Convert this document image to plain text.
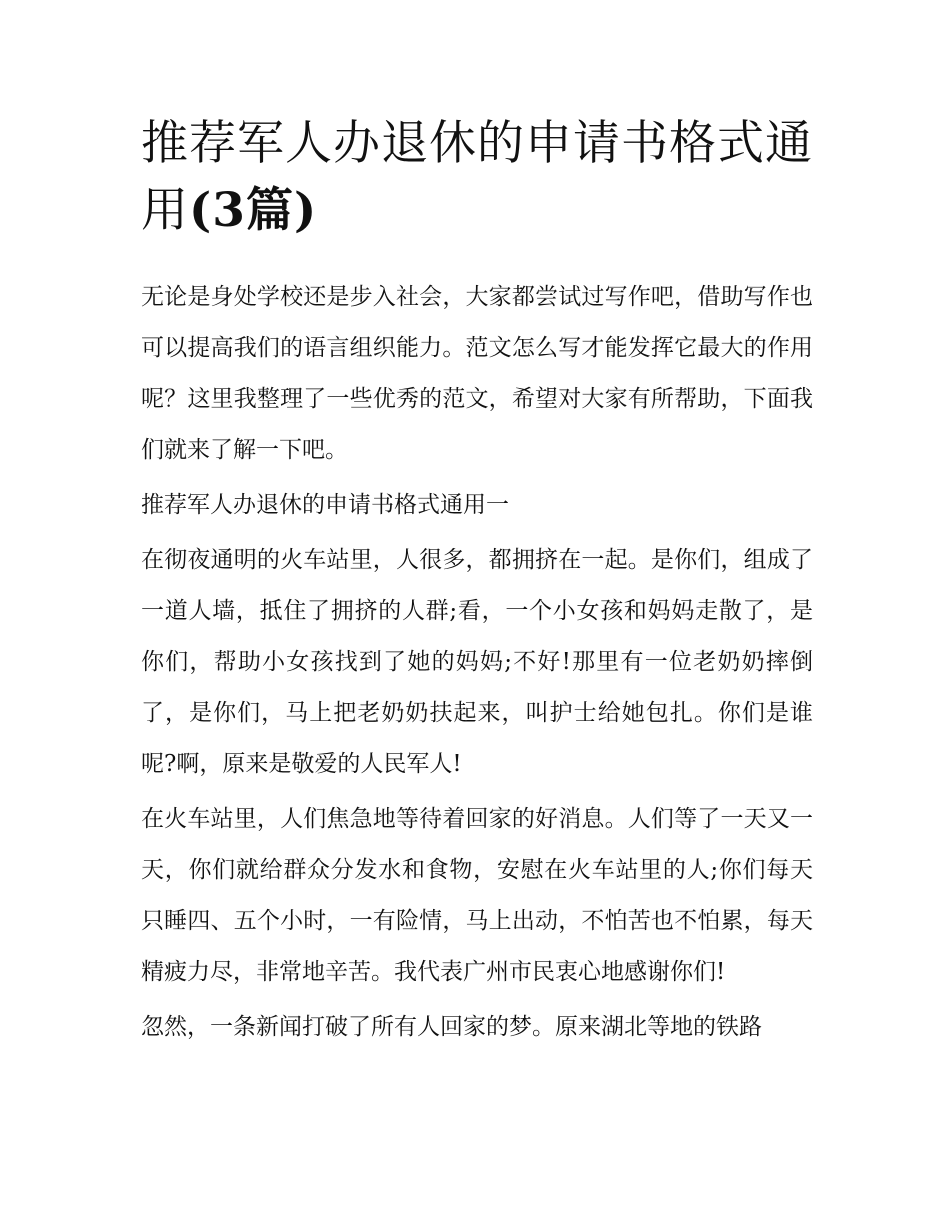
推荐军人办退休的申请书格式通用(3篇)

无论是身处学校还是步入社会，大家都尝试过写作吧，借助写作也可以提高我们的语言组织能力。范文怎么写才能发挥它最大的作用呢？这里我整理了一些优秀的范文，希望对大家有所帮助，下面我们就来了解一下吧。

推荐军人办退休的申请书格式通用一

在彻夜通明的火车站里，人很多，都拥挤在一起。是你们，组成了一道人墙，抵住了拥挤的人群;看，一个小女孩和妈妈走散了，是你们，帮助小女孩找到了她的妈妈;不好!那里有一位老奶奶摔倒了，是你们，马上把老奶奶扶起来，叫护士给她包扎。你们是谁呢?啊，原来是敬爱的人民军人!

在火车站里，人们焦急地等待着回家的好消息。人们等了一天又一天，你们就给群众分发水和食物，安慰在火车站里的人;你们每天只睡四、五个小时，一有险情，马上出动，不怕苦也不怕累，每天精疲力尽，非常地辛苦。我代表广州市民衷心地感谢你们!

忽然，一条新闻打破了所有人回家的梦。原来湖北等地的铁路
